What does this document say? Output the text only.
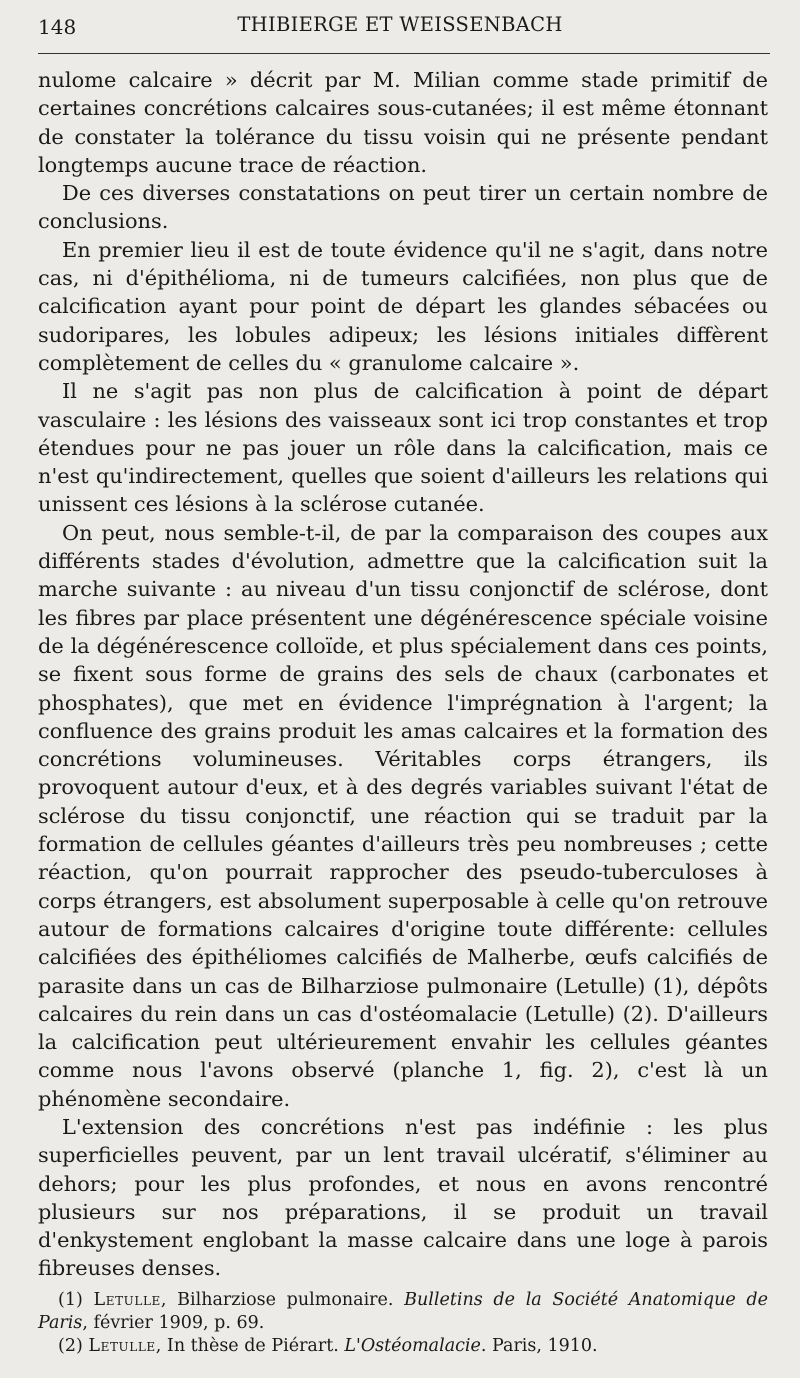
148	THIBIERGE ET WEISSENBACH

nulome calcaire » décrit par M. Milian comme stade primitif de certaines concrétions calcaires sous-cutanées; il est même étonnant de constater la tolérance du tissu voisin qui ne présente pendant longtemps aucune trace de réaction.

De ces diverses constatations on peut tirer un certain nombre de conclusions.

En premier lieu il est de toute évidence qu'il ne s'agit, dans notre cas, ni d'épithélioma, ni de tumeurs calcifiées, non plus que de calcification ayant pour point de départ les glandes sébacées ou sudoripares, les lobules adipeux; les lésions initiales diffèrent complètement de celles du « granulome calcaire ».

Il ne s'agit pas non plus de calcification à point de départ vasculaire : les lésions des vaisseaux sont ici trop constantes et trop étendues pour ne pas jouer un rôle dans la calcification, mais ce n'est qu'indirectement, quelles que soient d'ailleurs les relations qui unissent ces lésions à la sclérose cutanée.

On peut, nous semble-t-il, de par la comparaison des coupes aux différents stades d'évolution, admettre que la calcification suit la marche suivante : au niveau d'un tissu conjonctif de sclérose, dont les fibres par place présentent une dégénérescence spéciale voisine de la dégénérescence colloïde, et plus spécialement dans ces points, se fixent sous forme de grains des sels de chaux (carbonates et phosphates), que met en évidence l'imprégnation à l'argent; la confluence des grains produit les amas calcaires et la formation des concrétions volumineuses. Véritables corps étrangers, ils provoquent autour d'eux, et à des degrés variables suivant l'état de sclérose du tissu conjonctif, une réaction qui se traduit par la formation de cellules géantes d'ailleurs très peu nombreuses ; cette réaction, qu'on pourrait rapprocher des pseudo-tuberculoses à corps étrangers, est absolument superposable à celle qu'on retrouve autour de formations calcaires d'origine toute différente: cellules calcifiées des épithéliomes calcifiés de Malherbe, œufs calcifiés de parasite dans un cas de Bilharziose pulmonaire (Letulle) (1), dépôts calcaires du rein dans un cas d'ostéomalacie (Letulle) (2). D'ailleurs la calcification peut ultérieurement envahir les cellules géantes comme nous l'avons observé (planche 1, fig. 2), c'est là un phénomène secondaire.

L'extension des concrétions n'est pas indéfinie : les plus superficielles peuvent, par un lent travail ulcératif, s'éliminer au dehors; pour les plus profondes, et nous en avons rencontré plusieurs sur nos préparations, il se produit un travail d'enkystement englobant la masse calcaire dans une loge à parois fibreuses denses.

(1) Letulle, Bilharziose pulmonaire. Bulletins de la Société Anatomique de Paris, février 1909, p. 69.

(2) Letulle, In thèse de Piérart. L'Ostéomalacie. Paris, 1910.
